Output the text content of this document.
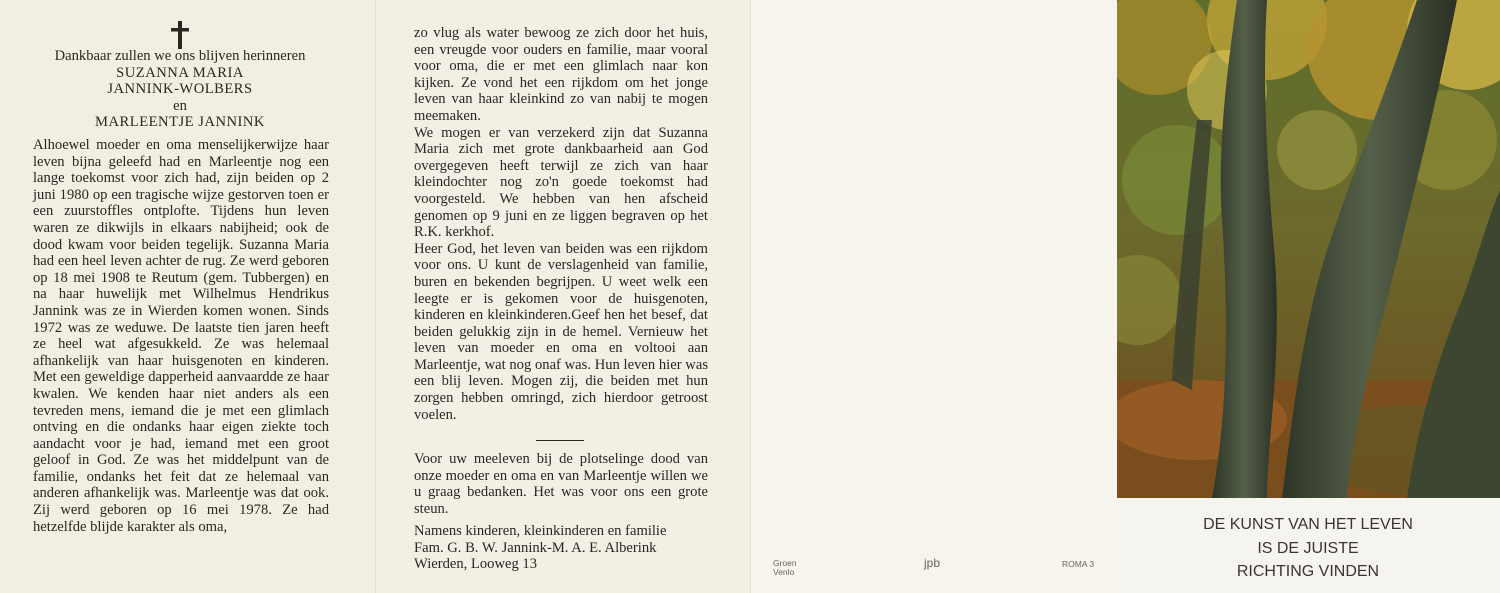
Dankbaar zullen we ons blijven herinneren
SUZANNA MARIA
JANNINK-WOLBERS
en
MARLEENTJE JANNINK
Alhoewel moeder en oma menselijkerwijze haar leven bijna geleefd had en Marleentje nog een lange toekomst voor zich had, zijn beiden op 2 juni 1980 op een tragische wijze gestorven toen er een zuurstoffles ontplofte. Tijdens hun leven waren ze dikwijls in elkaars nabijheid; ook de dood kwam voor beiden tegelijk. Suzanna Maria had een heel leven achter de rug. Ze werd geboren op 18 mei 1908 te Reutum (gem. Tubbergen) en na haar huwelijk met Wilhelmus Hendrikus Jannink was ze in Wierden komen wonen. Sinds 1972 was ze weduwe. De laatste tien jaren heeft ze heel wat afgesukkeld. Ze was helemaal afhankelijk van haar huisgenoten en kinderen. Met een geweldige dapperheid aanvaardde ze haar kwalen. We kenden haar niet anders als een tevreden mens, iemand die je met een glimlach ontving en die ondanks haar eigen ziekte toch aandacht voor je had, iemand met een groot geloof in God. Ze was het middelpunt van de familie, ondanks het feit dat ze helemaal van anderen afhankelijk was. Marleentje was dat ook. Zij werd geboren op 16 mei 1978. Ze had hetzelfde blijde karakter als oma,
zo vlug als water bewoog ze zich door het huis, een vreugde voor ouders en familie, maar vooral voor oma, die er met een glimlach naar kon kijken. Ze vond het een rijkdom om het jonge leven van haar kleinkind zo van nabij te mogen meemaken.
We mogen er van verzekerd zijn dat Suzanna Maria zich met grote dankbaarheid aan God overgegeven heeft terwijl ze zich van haar kleindochter nog zo'n goede toekomst had voorgesteld. We hebben van hen afscheid genomen op 9 juni en ze liggen begraven op het R.K. kerkhof.
Heer God, het leven van beiden was een rijkdom voor ons. U kunt de verslagenheid van familie, buren en bekenden begrijpen. U weet welk een leegte er is gekomen voor de huisgenoten, kinderen en kleinkinderen.Geef hen het besef, dat beiden gelukkig zijn in de hemel. Vernieuw het leven van moeder en oma en voltooi aan Marleentje, wat nog onaf was. Hun leven hier was een blij leven. Mogen zij, die beiden met hun zorgen hebben omringd, zich hierdoor getroost voelen.
Voor uw meeleven bij de plotselinge dood van onze moeder en oma en van Marleentje willen we u graag bedanken. Het was voor ons een grote steun.

Namens kinderen, kleinkinderen en familie

Fam. G. B. W. Jannink-M. A. E. Alberink

Wierden, Looweg 13	Groen
Venlo
jpb	ROMA 3
DE KUNST VAN HET LEVEN
IS DE JUISTE
RICHTING VINDEN
